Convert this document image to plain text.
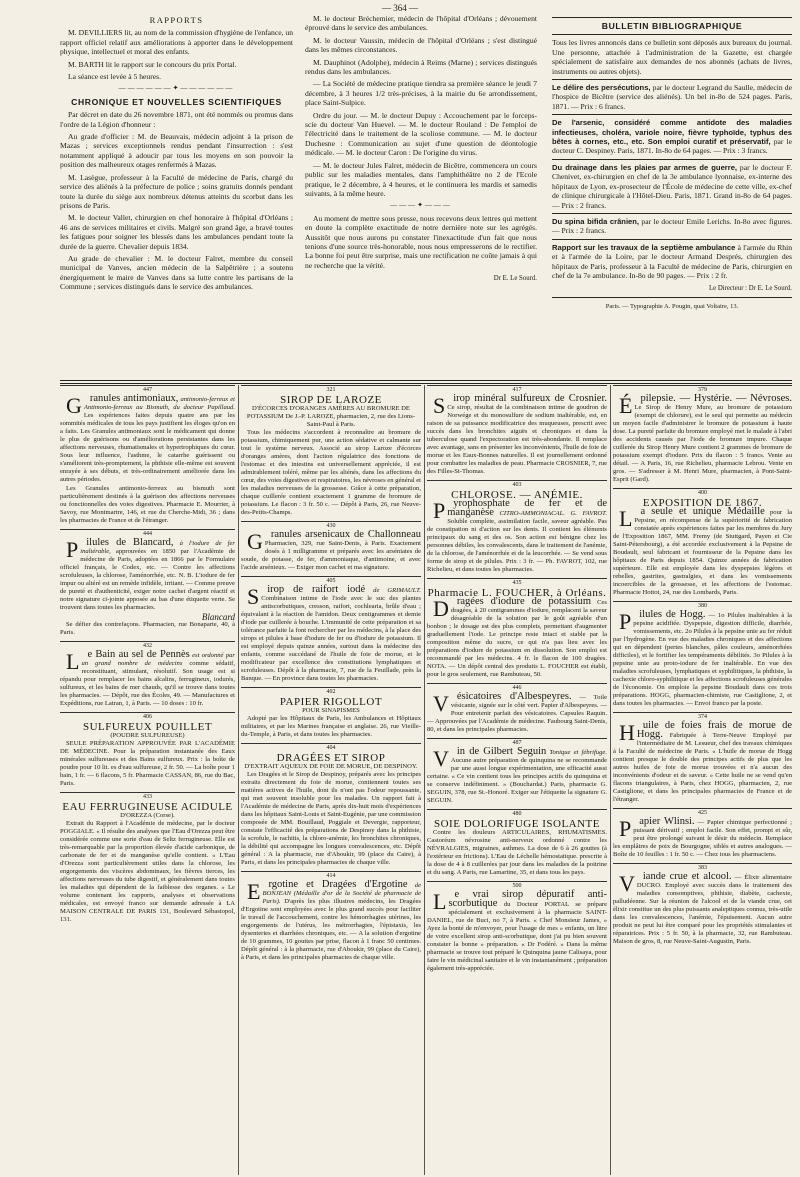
— 364 —
RAPPORTS

M. DEVILLIERS lit, au nom de la commission d'hygiène de l'enfance, un rapport officiel relatif aux améliorations à apporter dans le développement physique, intellectuel et moral des enfants.

M. BARTH lit le rapport sur le concours du prix Portal.

La séance est levée à 5 heures.

——————✦——————
CHRONIQUE ET NOUVELLES SCIENTIFIQUES

Par décret en date du 26 novembre 1871, ont été nommés ou promus dans l'ordre de la Légion d'honneur :

Au grade d'officier : M. de Beauvais, médecin adjoint à la prison de Mazas ; services exceptionnels rendus pendant l'insurrection : s'est notamment appliqué à adoucir par tous les moyens en son pouvoir la position des malheureux otages renfermés à Mazas.

M. Lasègue, professeur à la Faculté de médecine de Paris, chargé du service des aliénés à la préfecture de police ; soins gratuits donnés pendant toute la durée du siége aux nombreux détenus atteints du scorbut dans les prisons de Paris.

M. le docteur Vallet, chirurgien en chef honoraire à l'hôpital d'Orléans ; 46 ans de services militaires et civils. Malgré son grand âge, a bravé toutes les fatigues pour soigner les blessés dans les ambulances pendant toute la durée de la guerre. Chevalier depuis 1834.

Au grade de chevalier : M. le docteur Falret, membre du conseil municipal de Vanves, ancien médecin de la Salpêtrière ; a soutenu énergiquement le maire de Vanves dans sa lutte contre les partisans de la Commune ; services distingués dans le service des ambulances.

M. le docteur Bréchemier, médecin de l'hôpital d'Orléans ; dévouement éprouvé dans le service des ambulances.

M. le docteur Vaussin, médecin de l'hôpital d'Orléans ; s'est distingué dans les mêmes circonstances.

M. Dauphinot (Adolphe), médecin à Reims (Marne) ; services distingués rendus dans les ambulances.

— La Société de médecine pratique tiendra sa première séance le jeudi 7 décembre, à 3 heures 1/2 très-précises, à la mairie du 6e arrondissement, place Saint-Sulpice.

Ordre du jour. — M. le docteur Dupuy : Accouchement par le forceps-scie du docteur Van Huevel. — M. le docteur Rouland : De l'emploi de l'électricité dans le traitement de la scoliose commune. — M. le docteur Duchesne : Communication au sujet d'une question de déontologie médicale. — M. le docteur Caron : De l'origine du virus.

— M. le docteur Jules Falret, médecin de Bicêtre, commencera un cours public sur les maladies mentales, dans l'amphithéâtre no 2 de l'Ecole pratique, le 2 décembre, à 4 heures, et le continuera les mardis et samedis suivants, à la même heure.

———✦———

Au moment de mettre sous presse, nous recevons deux lettres qui mettent en doute la complète exactitude de notre dernière note sur les agrégés. Aussitôt que nous aurons pu constater l'inexactitude d'un fait que nous tenions d'une source très-honorable, nous nous empresserons de le rectifier. La bonne foi peut être surprise, mais une rectification ne coûte jamais à qui ne recherche que la vérité.

Dr E. Le Sourd.
BULLETIN BIBLIOGRAPHIQUE

Tous les livres annoncés dans ce bulletin sont déposés aux bureaux du journal. Une personne, attachée à l'administration de la Gazette, est chargée spécialement de satisfaire aux demandes de nos abonnés (achats de livres, instruments ou autres objets).

Le délire des persécutions, par le docteur Legrand du Saulle, médecin de l'hospice de Bicêtre (service des aliénés). Un bel in-8o de 524 pages. Paris, 1871. — Prix : 6 francs.

De l'arsenic, considéré comme antidote des maladies infectieuses, choléra, variole noire, fièvre typhoïde, typhus des bêtes à cornes, etc., etc. Son emploi curatif et préservatif, par le docteur C. Despiney. Paris, 1871. In-8o de 64 pages. — Prix : 3 francs.

Du drainage dans les plaies par armes de guerre, par le docteur F. Chenivet, ex-chirurgien en chef de la 3e ambulance lyonnaise, ex-interne des hôpitaux de Lyon, ex-prosecteur de l'École de médecine de cette ville, ex-chef de clinique chirurgicale à l'Hôtel-Dieu. Paris, 1871. Grand in-8o de 64 pages. — Prix : 2 francs.

Du spina bifida crânien, par le docteur Emile Lerichs. In-8o avec figures. — Prix : 2 francs.

Rapport sur les travaux de la septième ambulance à l'armée du Rhin et à l'armée de la Loire, par le docteur Armand Després, chirurgien des hôpitaux de Paris, professeur à la Faculté de médecine de Paris, chirurgien en chef de la 7e ambulance. In-8o de 90 pages. — Prix : 2 fr.

Le Directeur : Dr E. Le Sourd.
Paris. — Typographie A. Pougin, quai Voltaire, 13.
447

Granules antimoniaux, antimonio-ferreux et Antimonio-ferreux au Bismuth, du docteur Papillaud. Les expériences faites depuis quatre ans par les sommités médicales de tous les pays justifient les éloges qu'on en a faits. Les Granules antimoniaux sont le médicament qui donne le plus de guérisons ou d'améliorations persistantes dans les affections nerveuses, rhumatismales et hypertrophiques du cœur. Sous leur influence, l'asthme, le catarrhe guérissent ou s'améliorent très-promptement, la phthisie elle-même est souvent enrayée à ses débuts, et très-ordinairement améliorée dans les autres périodes.

Les Granules antimonio-ferreux au bismuth sont particulièrement destinés à la guérison des affections nerveuses ou fonctionnelles des voies digestives. Pharmacie E. Mourrier, à Savoy, rue Montmartre, 146, et rue du Cherche-Midi, 36 ; dans les pharmacies de France et de l'étranger.

444

Pilules de Blancard, à l'iodure de fer inaltérable, approuvées en 1850 par l'Académie de médecine de Paris, adoptées en 1866 par le Formulaire officiel français, le Codex, etc. — Contre les affections scrofuleuses, la chlorose, l'aménorrhée, etc. N. B. L'iodure de fer impur ou altéré est un remède infidèle, irritant. — Comme preuve de pureté et d'authenticité, exiger notre cachet d'argent réactif et notre signature ci-jointe apposée au bas d'une étiquette verte. Se trouvent dans toutes les pharmacies.

Blancard

Se défier des contrefaçons. Pharmacien, rue Bonaparte, 40, à Paris.

432

Le Bain au sel de Pennès est ordonné par un grand nombre de médecins comme sédatif, reconstituant, stimulant, résolutif. Son usage est si répandu pour remplacer les bains alcalins, ferrugineux, iodurés, sulfureux, et les bains de mer chauds, qu'il se trouve dans toutes les pharmacies. — Dépôt, rue des Écoles, 49. — Manufactures et Expéditions, rue Latran, 1, à Paris. — 10 doses : 10 fr.

406
SULFUREUX POUILLET
(POUDRE SULFUREUSE)

SEULE PRÉPARATION APPROUVÉE PAR L'ACADÉMIE DE MÉDECINE. Pour la préparation instantanée des Eaux minérales sulfureuses et des Bains sulfureux. Prix : la boîte de poudre pour 10 lit. es d'eau sulfureuse, 2 fr. 50. — La boîte pour 1 bain, 1 fr. — 6 flacons, 5 fr. Pharmacie CASSAN, 86, rue du Bac, Paris.

433
EAU FERRUGINEUSE ACIDULE
D'OREZZA (Corse).

Extrait du Rapport à l'Académie de médecine, par le docteur POGGIALE. « Il résulte des analyses que l'Eau d'Orezza peut être considérée comme une sorte d'eau de Seltz ferrugineuse. Elle est très-remarquable par la proportion élevée d'acide carbonique, de carbonate de fer et de manganèse qu'elle contient. « L'Eau d'Orezza sont particulièrement utiles dans la chlorose, les engorgements des viscères abdominaux, les fièvres tierces, les affections nerveuses du tube digestif, et généralement dans toutes les maladies qui dépendent de la faiblesse des organes. » Le volume contenant les rapports, analyses et observations médicales, est envoyé franco sur demande adressée à LA MAISON CENTRALE DE PARIS 131, Boulevard Sébastopol, 131.

321
SIROP DE LAROZE
D'ÉCORCES D'ORANGES AMÈRES AU BROMURE DE POTASSIUM De J.-P. LAROZE, pharmacien, 2, rue des Lions-Saint-Paul à Paris.

Tous les médecins s'accordent à reconnaître au bromure de potassium, chimiquement pur, une action sédative et calmante sur tout le système nerveux. Associé au sirop Laroze d'écorces d'oranges amères, dont l'action régulatrice des fonctions de l'estomac et des intestins est universellement appréciée, il est admirablement toléré, même par les aliénés, dans les affections du cœur, des voies digestives et respiratoires, les névroses en général et les maladies nerveuses de la grossesse. Grâce à cette préparation, chaque cuillerée contient exactement 1 gramme de bromure de potassium. Le flacon : 3 fr. 50 c. — Dépôt à Paris, 26, rue Neuve-des-Petits-Champs.

430

Granules arsenicaux de Challonneau Pharmacien, 329, rue Saint-Denis, à Paris. Exactement dosés à 1 milligramme et préparés avec les arséniates de soude, de potasse, de fer, d'ammoniaque, d'antimoine, et avec l'acide arsénieux. — Exiger mon cachet et ma signature.

405

Sirop de raifort iodé de GRIMAULT. Combinaison intime de l'iode avec le suc des plantes antiscorbutiques, cresson, raifort, cochlearia, brûle d'eau ; équivalant à la réaction de l'amidon. Deux centigrammes et demie d'iode par cuillerée à bouche. L'immunité de cette préparation et sa tolérance parfaite la font rechercher par les médecins, à la place des sirops et pilules à base d'iodure de fer ou d'iodure de potassium. Il est employé depuis quinze années, surtout dans la médecine des enfants, comme succédané de l'huile de foie de morue, et le modificateur par excellence des constitutions lymphatiques et scrofuleuses. Dépôt à la pharmacie, 7, rue de la Feuillade, près la Banque. — En province dans toutes les pharmacies.

402
PAPIER RIGOLLOT
POUR SINAPISMES

Adopté par les Hôpitaux de Paris, les Ambulances et Hôpitaux militaires, et par les Marines française et anglaise. 26, rue Vieille-du-Temple, à Paris, et dans toutes les pharmacies.

404
DRAGÉES ET SIROP
D'EXTRAIT AQUEUX DE FOIE DE MORUE, DE DESPINOY.

Les Dragées et le Sirop de Despinoy, préparés avec les principes extraits directement du foie de morue, contiennent toutes ses matières actives de l'huile, dont ils n'ont pas l'odeur repoussante, qui met souvent insoluble pour les malades. Un rapport fait à l'Académie de médecine de Paris, après dix-huit mois d'expériences dans les hôpitaux Saint-Louis et Saint-Eugénie, par une commission composée de MM. Bouillaud, Poggiale et Devergie, rapporteur, constate l'efficacité des préparations de Despinoy dans la phthisie, la scrofule, le rachitis, la chloro-anémie, les bronchites chroniques, la débilité qui accompagne les longues convalescences, etc. Dépôt général : A la pharmacie, rue d'Aboukir, 99 (place du Caire), à Paris, et dans les principales pharmacies de chaque ville.

414

Ergotine et Dragées d'Ergotine de BONJEAN (Médaille d'or de la Société de pharmacie de Paris). D'après les plus illustres médecins, les Dragées d'Ergotine sont employées avec le plus grand succès pour faciliter le travail de l'accouchement, contre les hémorrhagies utérines, les engorgements de l'utérus, les métrorrhagies, l'épistaxis, les dysenteries et diarrhées chroniques, etc. — A la solution d'ergotine de 10 grammes, 10 gouttes par prise, flacon à 1 franc 50 centimes. Dépôt général : à la pharmacie, rue d'Aboukir, 99 (place du Caire), à Paris, et dans les principales pharmacies de chaque ville.

417

Sirop minéral sulfureux de Crosnier. Ce sirop, résultat de la combinaison intime de goudron de Norwége et du monosulfure de sodium inaltérable, est, en raison de sa puissance modificatrice des muqueuses, prescrit avec succès dans les bronchites aiguës et chroniques et dans la tuberculose quand l'expectoration est très-abondante. Il remplace avec avantage, sans en présenter les inconvénients, l'huile de foie de morue et les Eaux-Bonnes naturelles. Il est journellement ordonné pour combattre les maladies de peau. Pharmacie CROSNIER, 7, rue des Filles-St-Thomas.

403
CHLOROSE. — ANÉMIE.

Pyrophosphate de fer et de manganèse CITRO-AMMONIACAL. G. FAVROT. Soluble complète, assimilation facile, saveur agréable. Pas de constipation ni d'action sur les dents. Il contient les éléments principaux du sang et des os. Son action est bénigne chez les personnes débiles, les convalescents, dans le traitement de l'anémie, de la chlorose, de l'aménorrhée et de la leucorrhée. — Se vend sous forme de sirop et de pilules. Prix : 3 fr. — Ph. FAVROT, 102, rue Richelieu, et dans toutes les pharmacies.

435
Pharmacie L. FOUCHER, à Orléans.

Dragées d'iodure de potassium Ces dragées, à 20 centigrammes d'iodure, remplacent la saveur désagréable de la solution par le goût agréable d'un bonbon ; le dosage est des plus complets, permettant d'augmenter graduellement l'iode. Le principe reste intact et stable par la composition même du sucre, ce qui n'a pas lieu avec les préparations d'iodure de potassium en dissolution. Son emploi est recommandé par les médecins. 4 fr. le flacon de 100 dragées. NOTA. — Un dépôt central des produits L. FOUCHER est établi, pour le gros seulement, rue Rambuteau, 50.

446

Vésicatoires d'Albespeyres. — Toile vésicante, signée sur le côté vert. Papier d'Albespeyres. — Pour entretenir parfait des vésicatoires. Capsules Raquin. — Approuvées par l'Académie de médecine. Faubourg Saint-Denis, 80, et dans les principales pharmacies.

487

Vin de Gilbert Seguin Tonique et fébrifuge. Aucune autre préparation de quinquina ne se recommande par une aussi longue expérimentation, une efficacité aussi certaine. « Ce vin contient tous les principes actifs du quinquina et se conserve indéfiniment. » (Bouchardat.) Paris, pharmacie G. SEGUIN, 378, rue St.-Honoré. Exiger sur l'étiquette la signature G. SEGUIN.

480
SOIE DOLORIFUGE ISOLANTE

Contre les douleurs ARTICULAIRES, RHUMATISMES. Castoréum névrosine anti-nerveux ordonné contre les NÉVRALGIES, migraines, asthmes. La dose de 6 à 26 gouttes (à l'extérieur en frictions). L'Eau de Léchelle hémostatique. prescrite à la dose de 4 à 8 cuillerées par jour dans les maladies de la poitrine et du sang. A Paris, rue Lamartine, 35, et dans tous les pays.

500

Le vrai sirop dépuratif anti-scorbutique du Docteur PORTAL se prépare spécialement et exclusivement à la pharmacie SAINT-DANIEL, rue de Buci, no 7, à Paris. « Chef Monsieur James, » Ayez la bonté de m'envoyer, pour l'usage de mes » enfants, un litre de votre excellent sirop anti-scorbutique, dont j'ai pu bien souvent constater la bonne » préparation. « Dr Fodéré. » Dans la même pharmacie se trouve tout préparé le Quinquina jaune Calisaya, pour faire le vin médicinal sanitaire et le vin instantanément ; préparation également très-appréciée.

379

Épilepsie. — Hystérie. — Névroses. Le Sirop de Henry Mure, au bromure de potassium (exempt de chlorure), est le seul qui permette au médecin un moyen facile d'administrer le bromure de potassium à haute dose. La pureté parfaite du bromure employé met le malade à l'abri des accidents causés par l'iode de bromure impure. Chaque cuillerée du Sirop Henry Mure contient 2 grammes de bromure de potassium exempt d'iodure. Prix du flacon : 5 francs. Vente au détail. — A Paris, 16, rue Richelieu, pharmacie Lebrou. Vente en gros. — S'adresser à M. Henri Mure, pharmacien, à Pont-Saint-Esprit (Gard).

400
EXPOSITION DE 1867.

La seule et unique Médaille pour la Pepsine, en récompense de la supériorité de fabrication constatée après expériences faites par les membres du Jury de l'Exposition 1867, MM. Fremy (de Stuttgard, Payen et Cie Saint-Pétersbourg), a été accordée exclusivement à la Pepsine de Boudault, seul fabricant et fournisseur de la Pepsine dans les hôpitaux de Paris depuis 1854. Quinze années de fabrication supérieure. Elle est employée dans les dyspepsies légères et rebelles, gastrites, gastralgies, et dans les vomissements incoercibles de la grossesse, et les affections de l'estomac. Pharmacie Hottot, 24, rue des Lombards, Paris.

380

Pilules de Hogg. — 1o Pilules inaltérables à la pepsine acidifiée. Dyspepsie, digestion difficile, diarrhée, vomissements, etc. 2o Pilules à la pepsine unie au fer réduit par l'hydrogène. En vue des maladies chroniques et des affections qui en dépendent (pertes blanches, pâles couleurs, aménorrhées difficiles), et le fortifier les tempéraments débilités. 3o Pilules à la pepsine unie au proto-iodure de fer inaltérable. En vue des maladies scrofuleuses, lymphatiques et syphilitiques, la phthisie, la cachexie chloro-syphilitique et les affections scrofuleuses générales de l'économie. On emploie la pepsine Boudault dans ces trois préparations. HOGG, pharmacien-chimiste, rue Castiglione, 2, et dans toutes les pharmacies. — Envoi franco par la poste.

374

Huile de foies frais de morue de Hogg. Fabriquée à Terre-Neuve Employé par l'intermédiaire de M. Lesueur, chef des travaux chimiques à la Faculté de médecine de Paris. « L'huile de morue de Hogg contient presque le double des principes actifs de plus que les autres huiles de foie de morue trouvées et n'a aucun des inconvénients d'odeur et de saveur. » Cette huile ne se vend qu'en flacons triangulaires, à Paris, chez HOGG, pharmacien, 2, rue Castiglione, et dans les principales pharmacies de France et de l'étranger.

425

Papier Wlinsi. — Papier chimique perfectionné ; puissant dérivatif ; emploi facile. Son effet, prompt et sûr, peut être prolongé suivant le désir du médecin. Remplace les emplâtres de poix de Bourgogne, siblés et autres analogues. — Boîte de 10 feuilles : 1 fr. 50 c. — Chez tous les pharmaciens.

383

Viande crue et alcool. — Élixir alimentaire DUCRO. Employé avec succès dans le traitement des maladies consomptives, phthisie, diabète, cachexie, palludéenne. Sur la réunion de l'alcool et de la viande crue, cet élixir constitue un des plus puissants analeptiques connus, très-utile dans les convalescences, l'anémie, l'épuisement. Aucun autre produit ne peut lui être comparé pour les propriétés stimulantes et réparatrices. Prix : 5 fr. 50, à la pharmacie, 32, rue Rambuteau. Maison de gros, 8, rue Neuve-Saint-Augustin, Paris.
